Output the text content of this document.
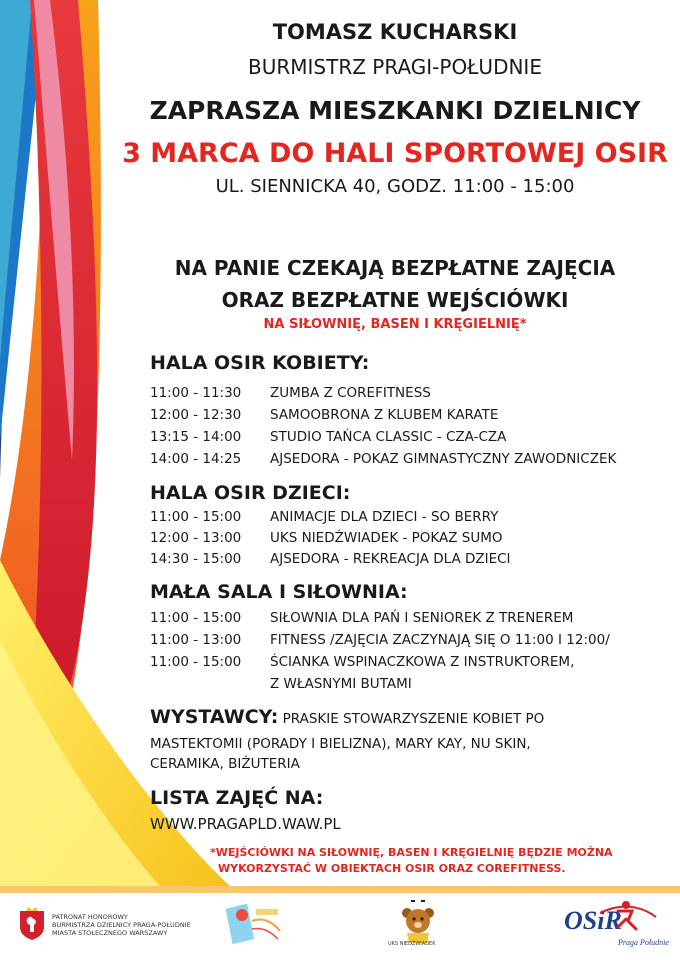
TOMASZ KUCHARSKI
BURMISTRZ PRAGI-POŁUDNIE
ZAPRASZA MIESZKANKI DZIELNICY
3 MARCA DO HALI SPORTOWEJ OSIR
UL. SIENNICKA 40, GODZ. 11:00 - 15:00
NA PANIE CZEKAJĄ BEZPŁATNE ZAJĘCIA
ORAZ BEZPŁATNE WEJŚCIÓWKI
NA SIŁOWNIĘ, BASEN I KRĘGIELNIĘ*
HALA OSIR KOBIETY:
11:00 - 11:30 ZUMBA Z COREFITNESS
12:00 - 12:30 SAMOOBRONA Z KLUBEM KARATE
13:15 - 14:00 STUDIO TAŃCA CLASSIC - CZA-CZA
14:00 - 14:25 AJSEDORA - POKAZ GIMNASTYCZNY ZAWODNICZEK
HALA OSIR DZIECI:
11:00 - 15:00 ANIMACJE DLA DZIECI - SO BERRY
12:00 - 13:00 UKS NIEDŹWIADEK - POKAZ SUMO
14:30 - 15:00 AJSEDORA - REKREACJA DLA DZIECI
MAŁA SALA I SIŁOWNIA:
11:00 - 15:00 SIŁOWNIA DLA PAŃ I SENIOREK Z TRENEREM
11:00 - 13:00 FITNESS /ZAJĘCIA ZACZYNAJĄ SIĘ O 11:00 I 12:00/
11:00 - 15:00 ŚCIANKA WSPINACZKOWA Z INSTRUKTOREM,
Z WŁASNYMI BUTAMI
WYSTAWCY: PRASKIE STOWARZYSZENIE KOBIET PO
MASTEKTOMII (PORADY I BIELIZNA), MARY KAY, NU SKIN,
CERAMIKA, BIŻUTERIA
LISTA ZAJĘĆ NA:
WWW.PRAGAPLD.WAW.PL
*WEJŚCIÓWKI NA SIŁOWNIĘ, BASEN I KRĘGIELNIĘ BĘDZIE MOŻNA
WYKORZYSTAĆ W OBIEKTACH OSIR ORAZ COREFITNESS.
PATRONAT HONOROWY
BURMISTRZA DZIELNICY PRAGA-POŁUDNIE
MIASTA STOŁECZNEGO WARSZAWY
UKS NIEDŹWIADEK
OSiR
Praga Południe
